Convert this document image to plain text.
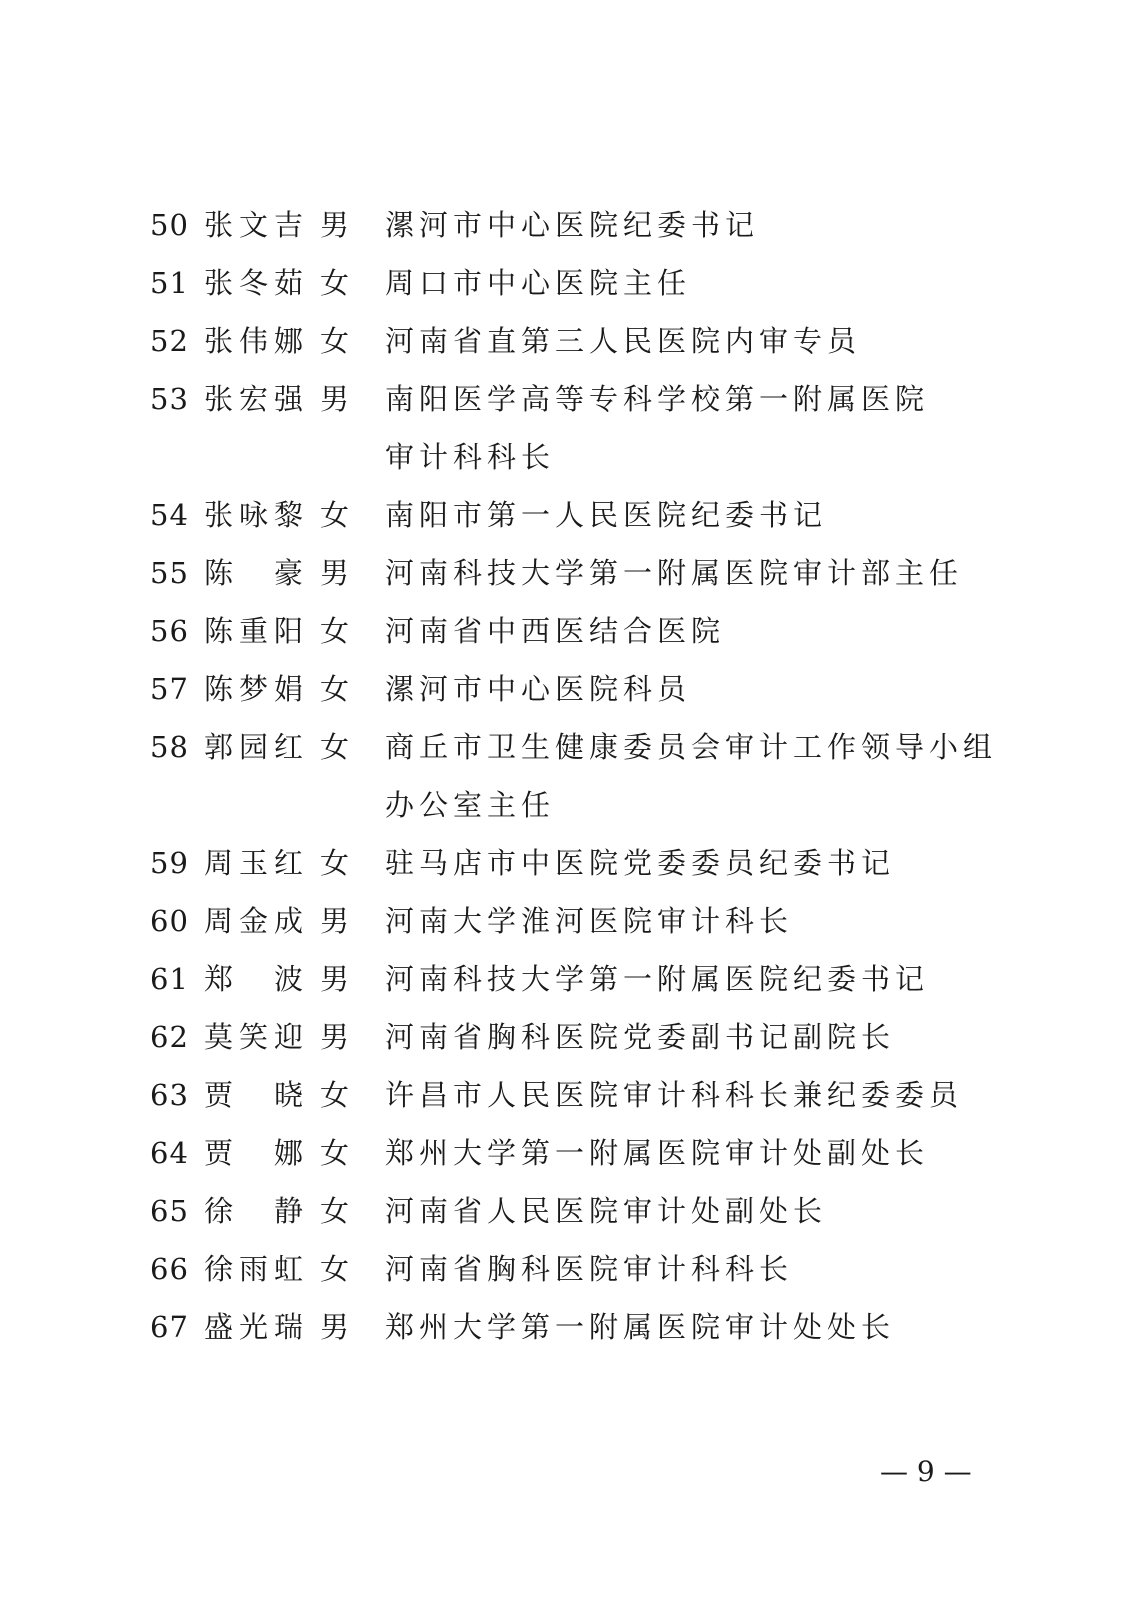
50 张文吉 男	漯河市中心医院纪委书记
51 张冬茹 女	周口市中心医院主任
52 张伟娜 女	河南省直第三人民医院内审专员
53 张宏强 男	南阳医学高等专科学校第一附属医院
审计科科长
54 张咏黎 女	南阳市第一人民医院纪委书记
55 陈　豪 男	河南科技大学第一附属医院审计部主任
56 陈重阳 女	河南省中西医结合医院
57 陈梦娟 女	漯河市中心医院科员
58 郭园红 女	商丘市卫生健康委员会审计工作领导小组
办公室主任
59 周玉红 女	驻马店市中医院党委委员纪委书记
60 周金成 男	河南大学淮河医院审计科长
61 郑　波 男	河南科技大学第一附属医院纪委书记
62 莫笑迎 男	河南省胸科医院党委副书记副院长
63 贾　晓 女	许昌市人民医院审计科科长兼纪委委员
64 贾　娜 女	郑州大学第一附属医院审计处副处长
65 徐　静 女	河南省人民医院审计处副处长
66 徐雨虹 女	河南省胸科医院审计科科长
67 盛光瑞 男	郑州大学第一附属医院审计处处长
— 9 —
